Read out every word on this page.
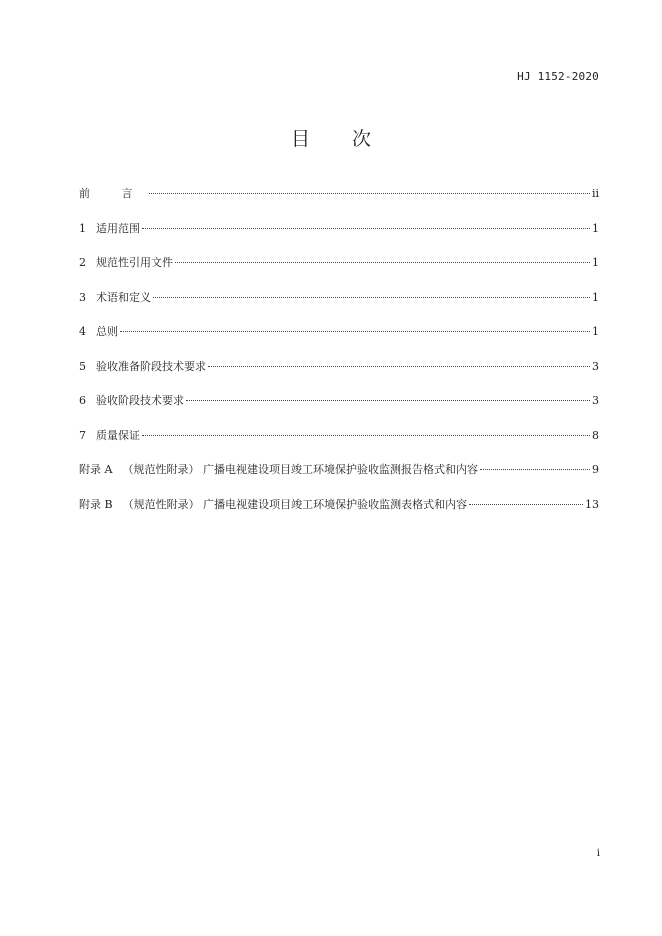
HJ 1152-2020
目 次
前 言	ii
1 适用范围	1
2 规范性引用文件	1
3 术语和定义	1
4 总则	1
5 验收准备阶段技术要求	3
6 验收阶段技术要求	3
7 质量保证	8
附录 A （规范性附录） 广播电视建设项目竣工环境保护验收监测报告格式和内容	9
附录 B （规范性附录） 广播电视建设项目竣工环境保护验收监测表格式和内容	13
i
